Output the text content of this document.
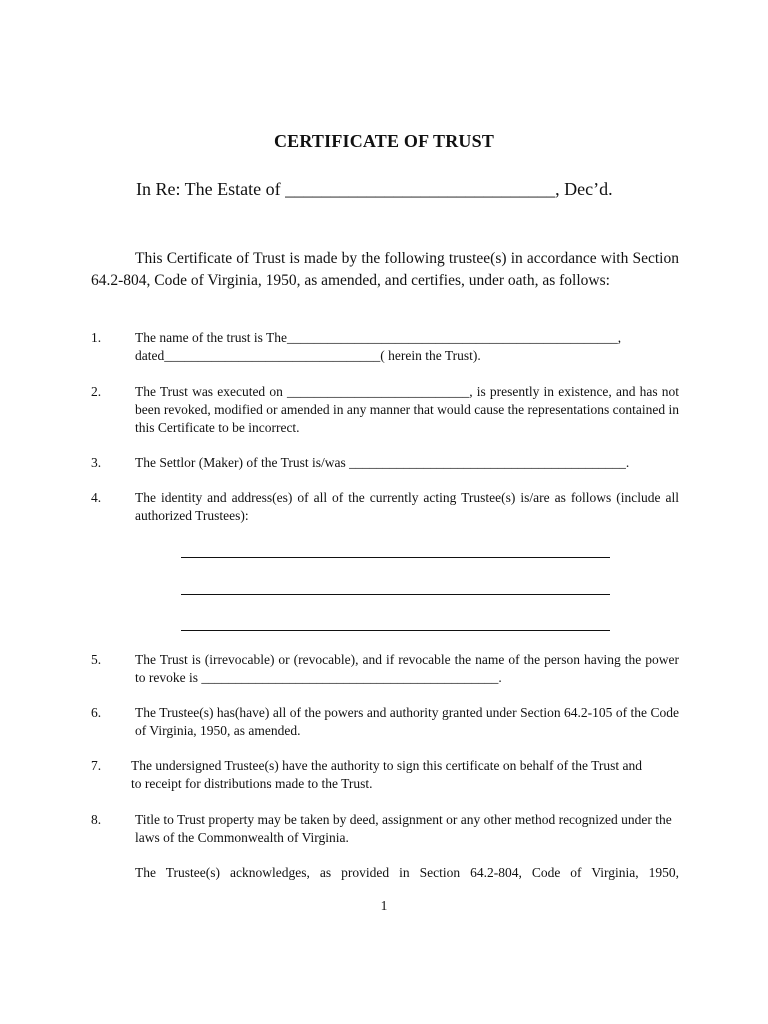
CERTIFICATE OF TRUST
In Re: The Estate of ______________________________, Dec’d.
This Certificate of Trust is made by the following trustee(s) in accordance with Section 64.2-804, Code of Virginia, 1950, as amended, and certifies, under oath, as follows:
1.	The name of the trust is The_________________________________________________,
dated________________________________( herein the Trust).
2.	The Trust was executed on ___________________________, is presently in existence, and has not been revoked, modified or amended in any manner that would cause the representations contained in this Certificate to be incorrect.
3.	The Settlor (Maker) of the Trust is/was _________________________________________.
4.	The identity and address(es) of all of the currently acting Trustee(s) is/are as follows (include all authorized Trustees):
5.	The Trust is (irrevocable) or (revocable), and if revocable the name of the person having the power to revoke is ____________________________________________.
6.	The Trustee(s) has(have) all of the powers and authority granted under Section 64.2-105 of the Code of Virginia, 1950, as amended.
7.	The undersigned Trustee(s) have the authority to sign this certificate on behalf of the Trust and to receipt for distributions made to the Trust.
8.	Title to Trust property may be taken by deed, assignment or any other method recognized under the laws of the Commonwealth of Virginia.
The Trustee(s) acknowledges, as provided in Section 64.2-804, Code of Virginia, 1950,
1
